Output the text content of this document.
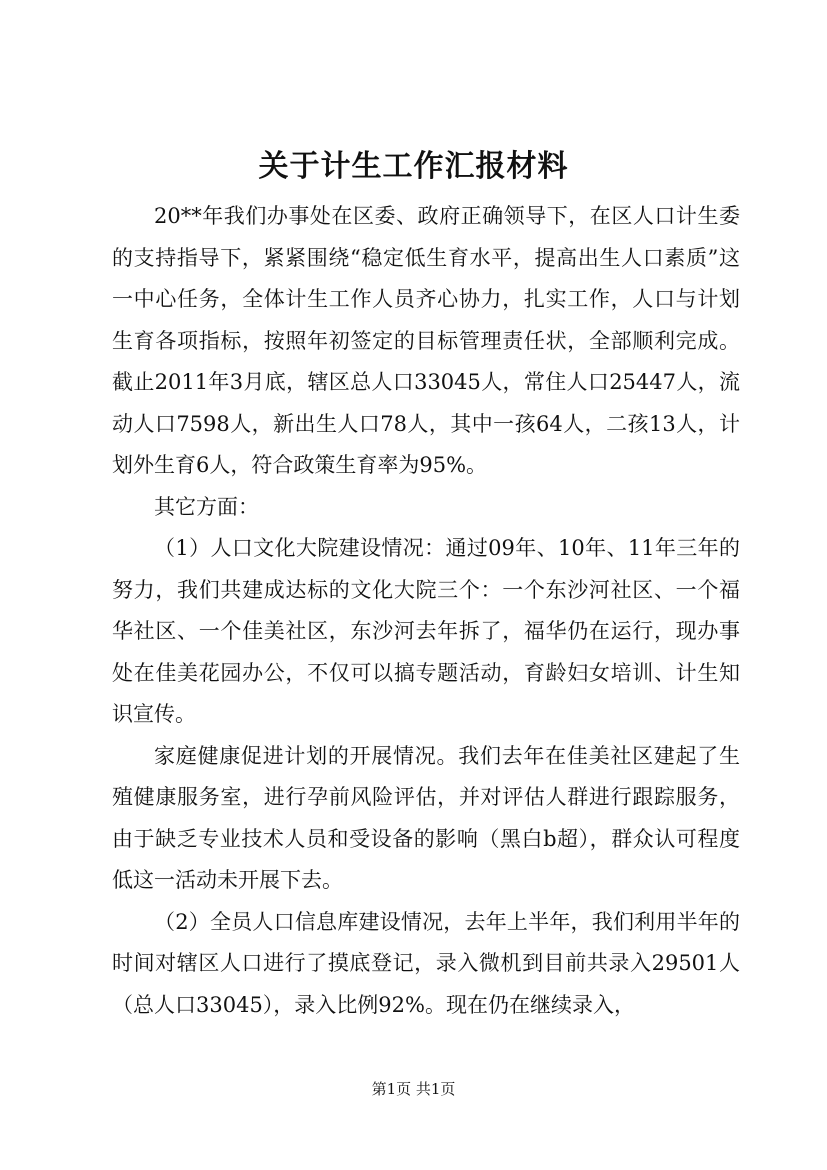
关于计生工作汇报材料

20**年我们办事处在区委、政府正确领导下，在区人口计生委的支持指导下，紧紧围绕“稳定低生育水平，提高出生人口素质”这一中心任务，全体计生工作人员齐心协力，扎实工作，人口与计划生育各项指标，按照年初签定的目标管理责任状，全部顺利完成。截止2011年3月底，辖区总人口33045人，常住人口25447人，流动人口7598人，新出生人口78人，其中一孩64人，二孩13人，计划外生育6人，符合政策生育率为95%。

其它方面：

（1）人口文化大院建设情况：通过09年、10年、11年三年的努力，我们共建成达标的文化大院三个：一个东沙河社区、一个福华社区、一个佳美社区，东沙河去年拆了，福华仍在运行，现办事处在佳美花园办公，不仅可以搞专题活动，育龄妇女培训、计生知识宣传。

家庭健康促进计划的开展情况。我们去年在佳美社区建起了生殖健康服务室，进行孕前风险评估，并对评估人群进行跟踪服务，由于缺乏专业技术人员和受设备的影响（黑白b超），群众认可程度低这一活动未开展下去。

（2）全员人口信息库建设情况，去年上半年，我们利用半年的时间对辖区人口进行了摸底登记，录入微机到目前共录入29501人（总人口33045），录入比例92%。现在仍在继续录入，

第1页 共1页
